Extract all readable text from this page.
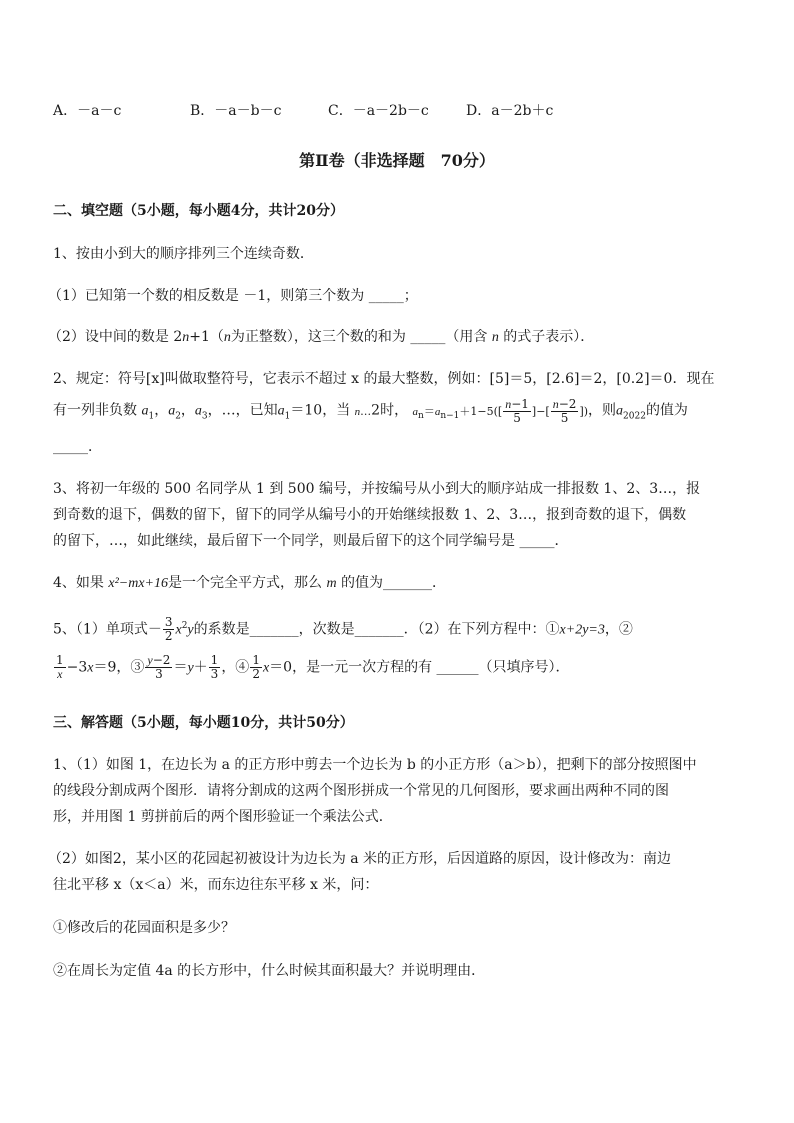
A．－a－c	B．－a－b－c	C．－a－2b－c	D．a－2b＋c
第Ⅱ卷（非选择题　70分）
二、填空题（5小题，每小题4分，共计20分）
1、按由小到大的顺序排列三个连续奇数．
（1）已知第一个数的相反数是 －1，则第三个数为 _____；
（2）设中间的数是 2n+1（n为正整数），这三个数的和为 _____（用含 n 的式子表示）．
2、规定：符号[x]叫做取整符号，它表示不超过 x 的最大整数，例如：[5]＝5，[2.6]＝2，[0.2]＝0．现在
有一列非负数 $a_1$，$a_2$，$a_3$，…，已知$a_1=10$，当 n…2时， $a_n=a_{n-1}+1-5([ \frac{n-1}{5}$ ]−[ $\frac{n-2}{5}$ ])，则$a_{2022}$的值为
_____．
3、将初一年级的 500 名同学从 1 到 500 编号，并按编号从小到大的顺序站成一排报数 1、2、3…，报
到奇数的退下，偶数的留下，留下的同学从编号小的开始继续报数 1、2、3…，报到奇数的退下，偶数
的留下，…，如此继续，最后留下一个同学，则最后留下的这个同学编号是 _____．
4、如果 x²−mx+16是一个完全平方式，那么 m 的值为_______．
5、（1）单项式－ $\frac{3}{2} x^2y$的系数是_______，次数是_______．（2）在下列方程中：①x+2y=3，②
$\frac{1}{x} -3x=9$，③ $\frac{y-2}{3} =y+ \frac{1}{3}$ ，④ $\frac{1}{2} x=0$，是一元一次方程的有 ______（只填序号）．
三、解答题（5小题，每小题10分，共计50分）
1、（1）如图 1，在边长为 a 的正方形中剪去一个边长为 b 的小正方形（a＞b），把剩下的部分按照图中
的线段分割成两个图形．请将分割成的这两个图形拼成一个常见的几何图形，要求画出两种不同的图
形，并用图 1 剪拼前后的两个图形验证一个乘法公式．
（2）如图2，某小区的花园起初被设计为边长为 a 米的正方形，后因道路的原因，设计修改为：南边
往北平移 x（x＜a）米，而东边往东平移 x 米，问：
①修改后的花园面积是多少？
②在周长为定值 4a 的长方形中，什么时候其面积最大？并说明理由．
